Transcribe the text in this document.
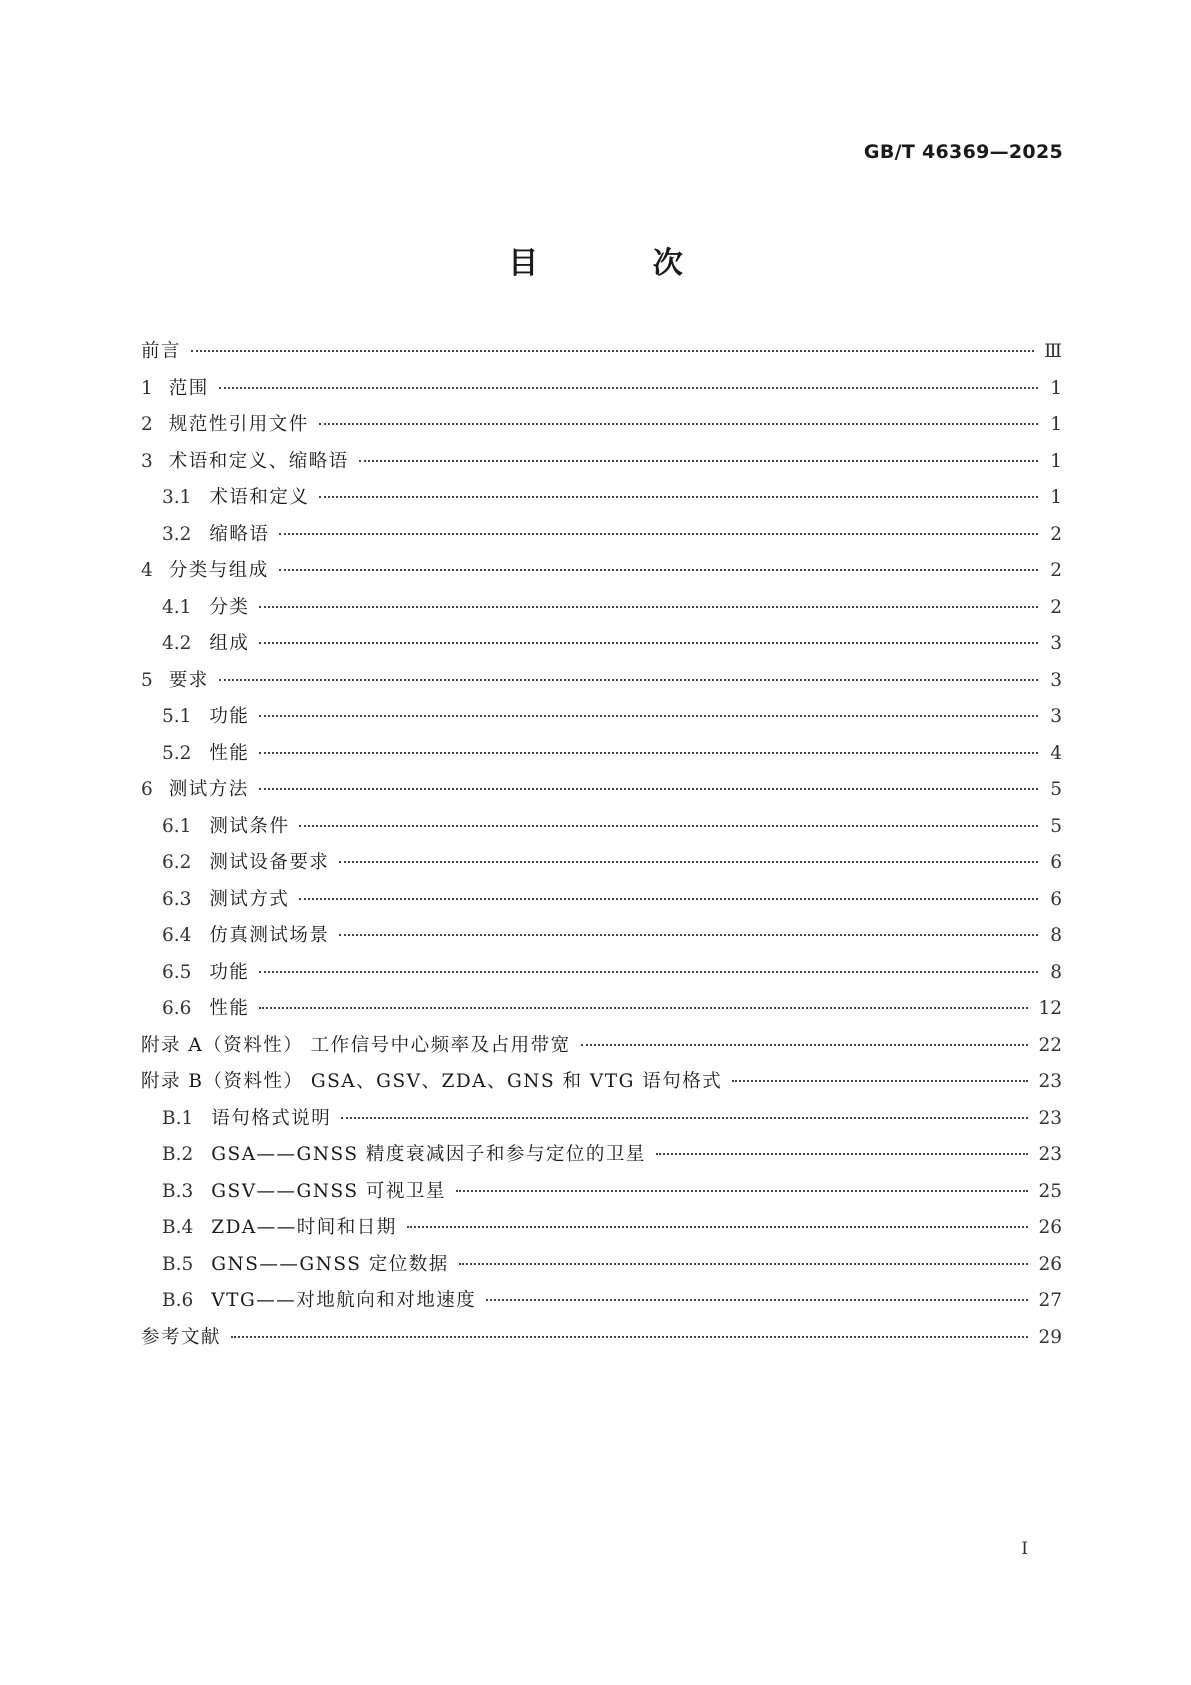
GB/T 46369—2025
目 次
前言	Ⅲ
1 范围	1
2 规范性引用文件	1
3 术语和定义、缩略语	1
3.1 术语和定义	1
3.2 缩略语	2
4 分类与组成	2
4.1 分类	2
4.2 组成	3
5 要求	3
5.1 功能	3
5.2 性能	4
6 测试方法	5
6.1 测试条件	5
6.2 测试设备要求	6
6.3 测试方式	6
6.4 仿真测试场景	8
6.5 功能	8
6.6 性能	12
附录 A（资料性） 工作信号中心频率及占用带宽	22
附录 B（资料性） GSA、GSV、ZDA、GNS 和 VTG 语句格式	23
B.1 语句格式说明	23
B.2 GSA——GNSS 精度衰减因子和参与定位的卫星	23
B.3 GSV——GNSS 可视卫星	25
B.4 ZDA——时间和日期	26
B.5 GNS——GNSS 定位数据	26
B.6 VTG——对地航向和对地速度	27
参考文献	29
I
